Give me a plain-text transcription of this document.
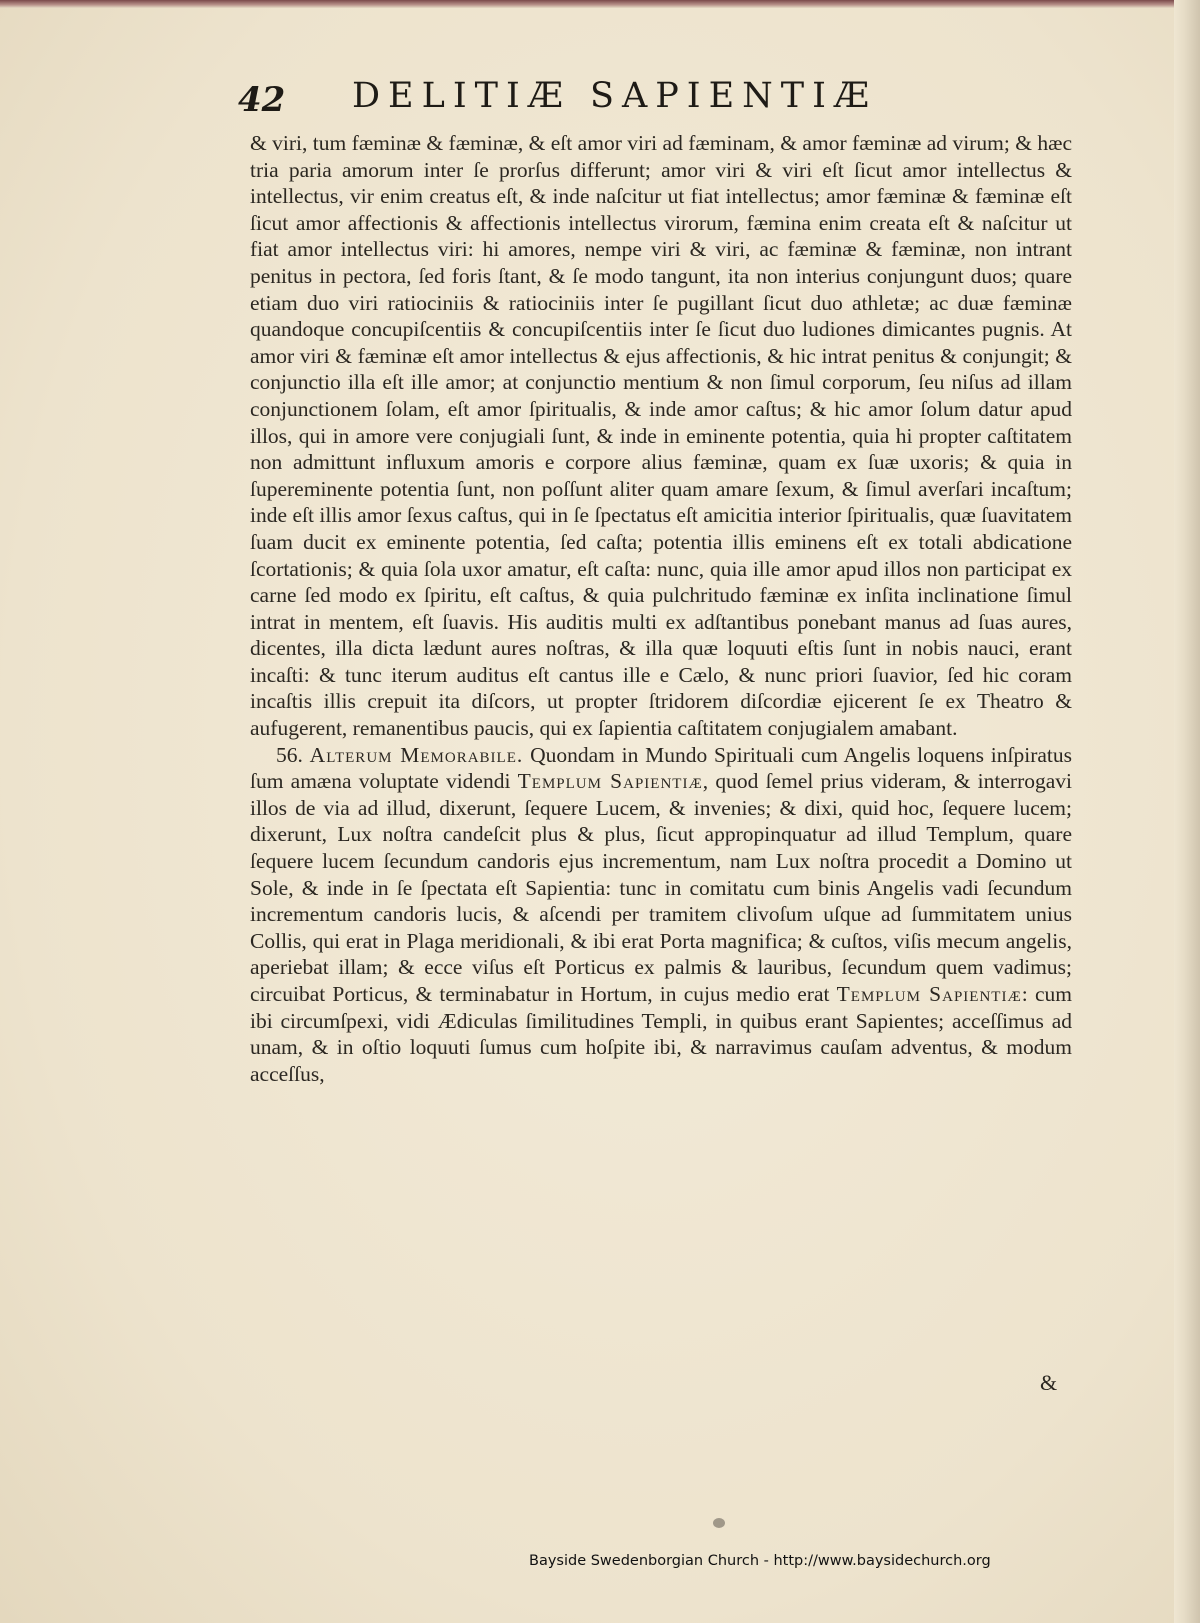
42 DELITIÆ SAPIENTIÆ

& viri, tum fæminæ & fæminæ, & eſt amor viri ad fæminam, & amor fæminæ ad virum; & hæc tria paria amorum inter ſe prorſus differunt; amor viri & viri eſt ſicut amor intellectus & intellectus, vir enim creatus eſt, & inde naſcitur ut fiat intellectus; amor fæminæ & fæminæ eſt ſicut amor affectionis & affectionis intellectus virorum, fæmina enim creata eſt & naſcitur ut fiat amor intellectus viri: hi amores, nempe viri & viri, ac fæminæ & fæminæ, non intrant penitus in pectora, ſed foris ſtant, & ſe modo tangunt, ita non interius conjungunt duos; quare etiam duo viri ratiociniis & ratiociniis inter ſe pugillant ſicut duo athletæ; ac duæ fæminæ quandoque concupiſcentiis & concupiſcentiis inter ſe ſicut duo ludiones dimicantes pugnis. At amor viri & fæminæ eſt amor intellectus & ejus affectionis, & hic intrat penitus & conjungit; & conjunctio illa eſt ille amor; at conjunctio mentium & non ſimul corporum, ſeu niſus ad illam conjunctionem ſolam, eſt amor ſpiritualis, & inde amor caſtus; & hic amor ſolum datur apud illos, qui in amore vere conjugiali ſunt, & inde in eminente potentia, quia hi propter caſtitatem non admittunt influxum amoris e corpore alius fæminæ, quam ex ſuæ uxoris; & quia in ſupereminente potentia ſunt, non poſſunt aliter quam amare ſexum, & ſimul averſari incaſtum; inde eſt illis amor ſexus caſtus, qui in ſe ſpectatus eſt amicitia interior ſpiritualis, quæ ſuavitatem ſuam ducit ex eminente potentia, ſed caſta; potentia illis eminens eſt ex totali abdicatione ſcortationis; & quia ſola uxor amatur, eſt caſta: nunc, quia ille amor apud illos non participat ex carne ſed modo ex ſpiritu, eſt caſtus, & quia pulchritudo fæminæ ex inſita inclinatione ſimul intrat in mentem, eſt ſuavis. His auditis multi ex adſtantibus ponebant manus ad ſuas aures, dicentes, illa dicta lædunt aures noſtras, & illa quæ loquuti eſtis ſunt in nobis nauci, erant incaſti: & tunc iterum auditus eſt cantus ille e Cælo, & nunc priori ſuavior, ſed hic coram incaſtis illis crepuit ita diſcors, ut propter ſtridorem diſcordiæ ejicerent ſe ex Theatro & aufugerent, remanentibus paucis, qui ex ſapientia caſtitatem conjugialem amabant.

56. Alterum Memorabile. Quondam in Mundo Spirituali cum Angelis loquens inſpiratus ſum amæna voluptate videndi Templum Sapientiæ, quod ſemel prius videram, & interrogavi illos de via ad illud, dixerunt, ſequere Lucem, & invenies; & dixi, quid hoc, ſequere lucem; dixerunt, Lux noſtra candeſcit plus & plus, ſicut appropinquatur ad illud Templum, quare ſequere lucem ſecundum candoris ejus incrementum, nam Lux noſtra procedit a Domino ut Sole, & inde in ſe ſpectata eſt Sapientia: tunc in comitatu cum binis Angelis vadi ſecundum incrementum candoris lucis, & aſcendi per tramitem clivoſum uſque ad ſummitatem unius Collis, qui erat in Plaga meridionali, & ibi erat Porta magnifica; & cuſtos, viſis mecum angelis, aperiebat illam; & ecce viſus eſt Porticus ex palmis & lauribus, ſecundum quem vadimus; circuibat Porticus, & terminabatur in Hortum, in cujus medio erat Templum Sapientiæ: cum ibi circumſpexi, vidi Ædiculas ſimilitudines Templi, in quibus erant Sapientes; acceſſimus ad unam, & in oſtio loquuti ſumus cum hoſpite ibi, & narravimus cauſam adventus, & modum acceſſus,

&
Bayside Swedenborgian Church - http://www.baysidechurch.org
